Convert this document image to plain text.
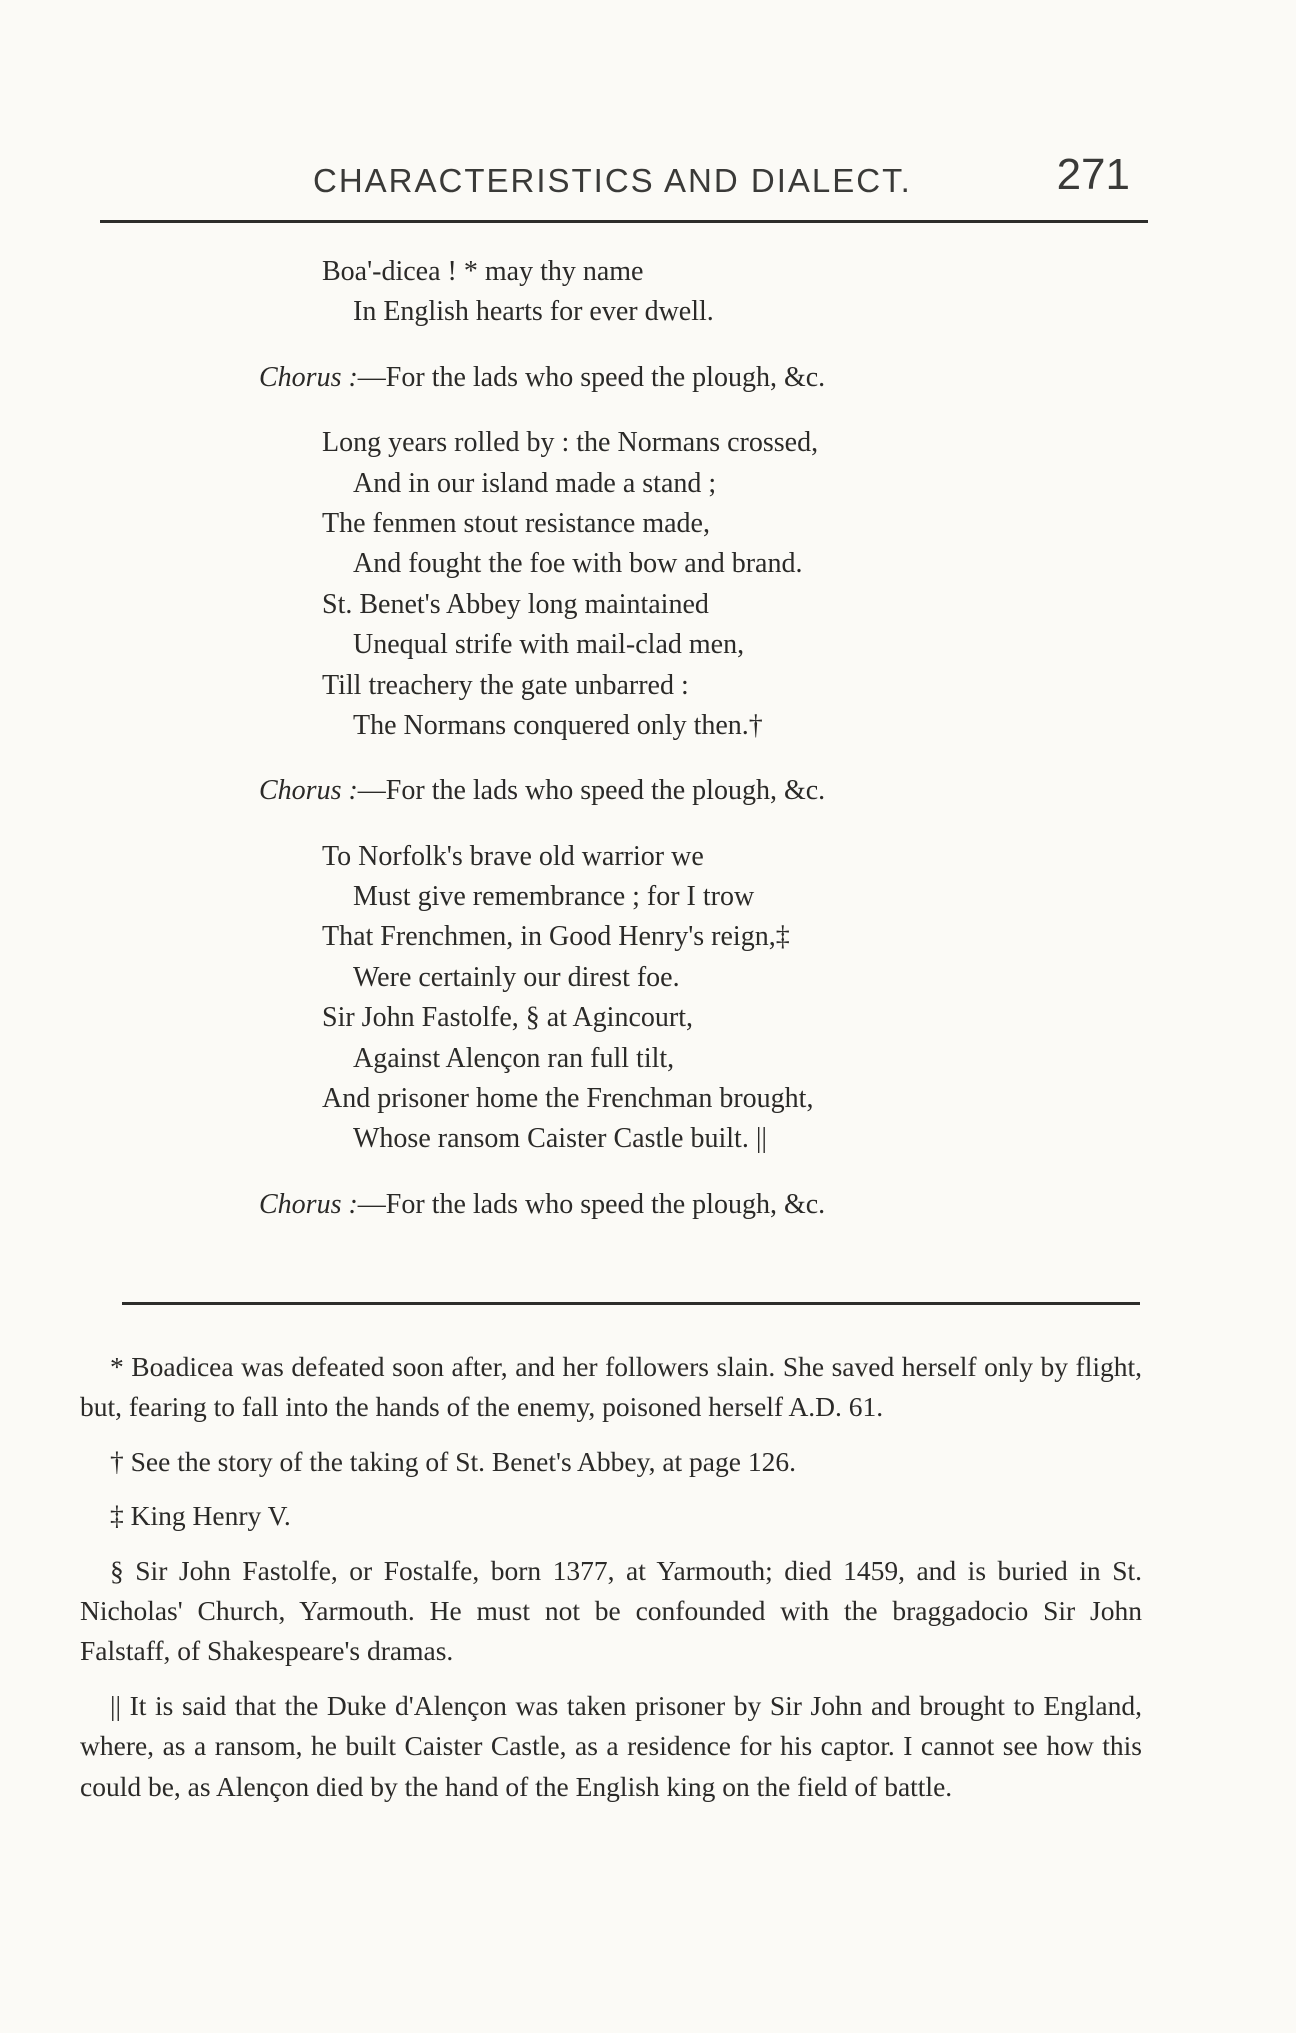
CHARACTERISTICS AND DIALECT.	271
Boa'-dicea ! * may thy name
In English hearts for ever dwell.
Chorus :—For the lads who speed the plough, &c.
Long years rolled by : the Normans crossed,
And in our island made a stand ;
The fenmen stout resistance made,
And fought the foe with bow and brand.
St. Benet's Abbey long maintained
Unequal strife with mail-clad men,
Till treachery the gate unbarred :
The Normans conquered only then.†
Chorus :—For the lads who speed the plough, &c.
To Norfolk's brave old warrior we
Must give remembrance ; for I trow
That Frenchmen, in Good Henry's reign,‡
Were certainly our direst foe.
Sir John Fastolfe, § at Agincourt,
Against Alençon ran full tilt,
And prisoner home the Frenchman brought,
Whose ransom Caister Castle built. ||
Chorus :—For the lads who speed the plough, &c.

* Boadicea was defeated soon after, and her followers slain. She saved herself only by flight, but, fearing to fall into the hands of the enemy, poisoned herself A.D. 61.

† See the story of the taking of St. Benet's Abbey, at page 126.

‡ King Henry V.

§ Sir John Fastolfe, or Fostalfe, born 1377, at Yarmouth; died 1459, and is buried in St. Nicholas' Church, Yarmouth. He must not be confounded with the braggadocio Sir John Falstaff, of Shakespeare's dramas.

|| It is said that the Duke d'Alençon was taken prisoner by Sir John and brought to England, where, as a ransom, he built Caister Castle, as a residence for his captor. I cannot see how this could be, as Alençon died by the hand of the English king on the field of battle.
